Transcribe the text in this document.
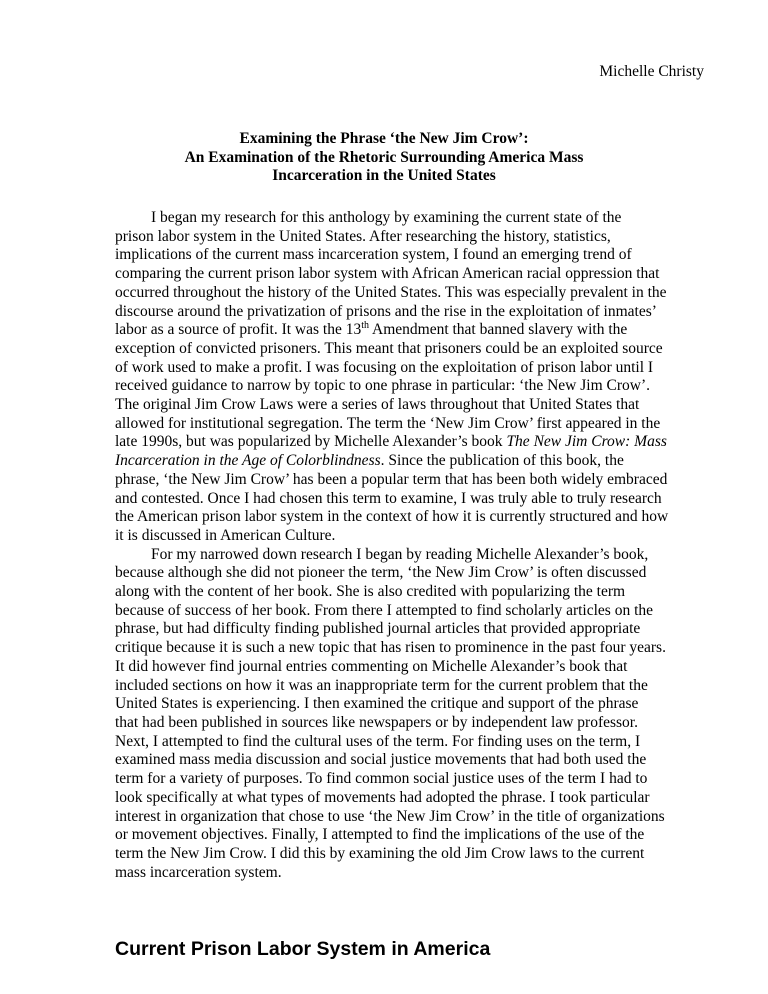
Michelle Christy
Examining the Phrase ‘the New Jim Crow’:
An Examination of the Rhetoric Surrounding America Mass
Incarceration in the United States
I began my research for this anthology by examining the current state of the
prison labor system in the United States. After researching the history, statistics,
implications of the current mass incarceration system, I found an emerging trend of
comparing the current prison labor system with African American racial oppression that
occurred throughout the history of the United States. This was especially prevalent in the
discourse around the privatization of prisons and the rise in the exploitation of inmates’
labor as a source of profit. It was the 13th Amendment that banned slavery with the
exception of convicted prisoners. This meant that prisoners could be an exploited source
of work used to make a profit. I was focusing on the exploitation of prison labor until I
received guidance to narrow by topic to one phrase in particular: ‘the New Jim Crow’.
The original Jim Crow Laws were a series of laws throughout that United States that
allowed for institutional segregation. The term the ‘New Jim Crow’ first appeared in the
late 1990s, but was popularized by Michelle Alexander’s book The New Jim Crow: Mass
Incarceration in the Age of Colorblindness. Since the publication of this book, the
phrase, ‘the New Jim Crow’ has been a popular term that has been both widely embraced
and contested. Once I had chosen this term to examine, I was truly able to truly research
the American prison labor system in the context of how it is currently structured and how
it is discussed in American Culture.
For my narrowed down research I began by reading Michelle Alexander’s book,
because although she did not pioneer the term, ‘the New Jim Crow’ is often discussed
along with the content of her book. She is also credited with popularizing the term
because of success of her book. From there I attempted to find scholarly articles on the
phrase, but had difficulty finding published journal articles that provided appropriate
critique because it is such a new topic that has risen to prominence in the past four years.
It did however find journal entries commenting on Michelle Alexander’s book that
included sections on how it was an inappropriate term for the current problem that the
United States is experiencing. I then examined the critique and support of the phrase
that had been published in sources like newspapers or by independent law professor.
Next, I attempted to find the cultural uses of the term. For finding uses on the term, I
examined mass media discussion and social justice movements that had both used the
term for a variety of purposes. To find common social justice uses of the term I had to
look specifically at what types of movements had adopted the phrase. I took particular
interest in organization that chose to use ‘the New Jim Crow’ in the title of organizations
or movement objectives. Finally, I attempted to find the implications of the use of the
term the New Jim Crow. I did this by examining the old Jim Crow laws to the current
mass incarceration system.
Current Prison Labor System in America
